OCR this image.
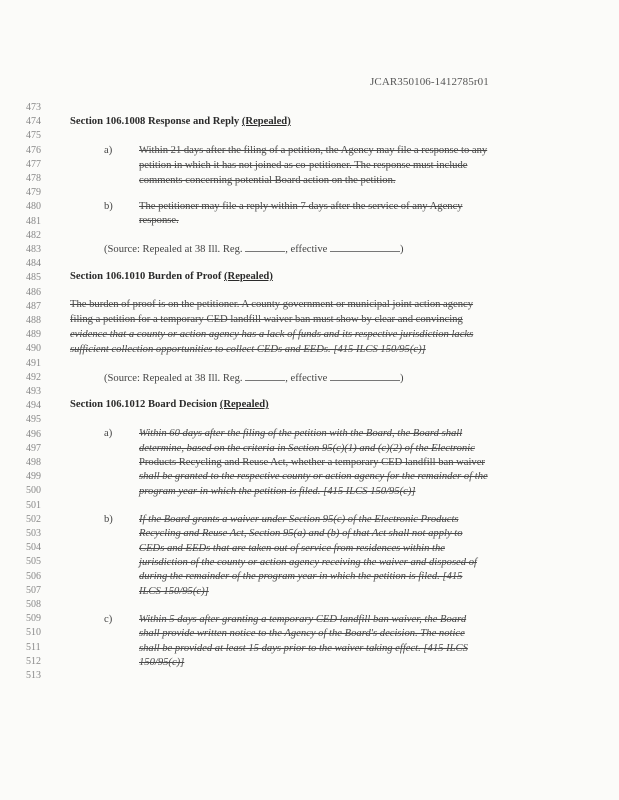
JCAR350106-1412785r01
473
474
475
476
477
478
479
480
481
482
483
484
485
486
487
488
489
490
491
492
493
494
495
496
497
498
499
500
501
502
503
504
505
506
507
508
509
510
511
512
513
Section 106.1008 Response and Reply (Repealed)
a)	Within 21 days after the filing of a petition, the Agency may file a response to any
petition in which it has not joined as co-petitioner. The response must include
comments concerning potential Board action on the petition.
b) The petitioner may file a reply within 7 days after the service of any Agency
response.
(Source: Repealed at 38 Ill. Reg.	, effective	)
Section 106.1010 Burden of Proof (Repealed)
The burden of proof is on the petitioner. A county government or municipal joint action agency
filing a petition for a temporary CED landfill waiver ban must show by clear and convincing
evidence that a county or action agency has a lack of funds and its respective jurisdiction lacks
sufficient collection opportunities to collect CEDs and EEDs. [415 ILCS 150/95(c)]
(Source: Repealed at 38 Ill. Reg.	, effective	)
Section 106.1012 Board Decision (Repealed)
a)	Within 60 days after the filing of the petition with the Board, the Board shall
determine, based on the criteria in Section 95(c)(1) and (c)(2) of the Electronic
Products Recycling and Reuse Act, whether a temporary CED landfill ban waiver
shall be granted to the respective county or action agency for the remainder of the
program year in which the petition is filed. [415 ILCS 150/95(c)]
b) If the Board grants a waiver under Section 95(c) of the Electronic Products
Recycling and Reuse Act, Section 95(a) and (b) of that Act shall not apply to
CEDs and EEDs that are taken out of service from residences within the
jurisdiction of the county or action agency receiving the waiver and disposed of
during the remainder of the program year in which the petition is filed. [415
ILCS 150/95(c)]
c)	Within 5 days after granting a temporary CED landfill ban waiver, the Board
shall provide written notice to the Agency of the Board's decision. The notice
shall be provided at least 15 days prior to the waiver taking effect. [415 ILCS
150/95(c)]
